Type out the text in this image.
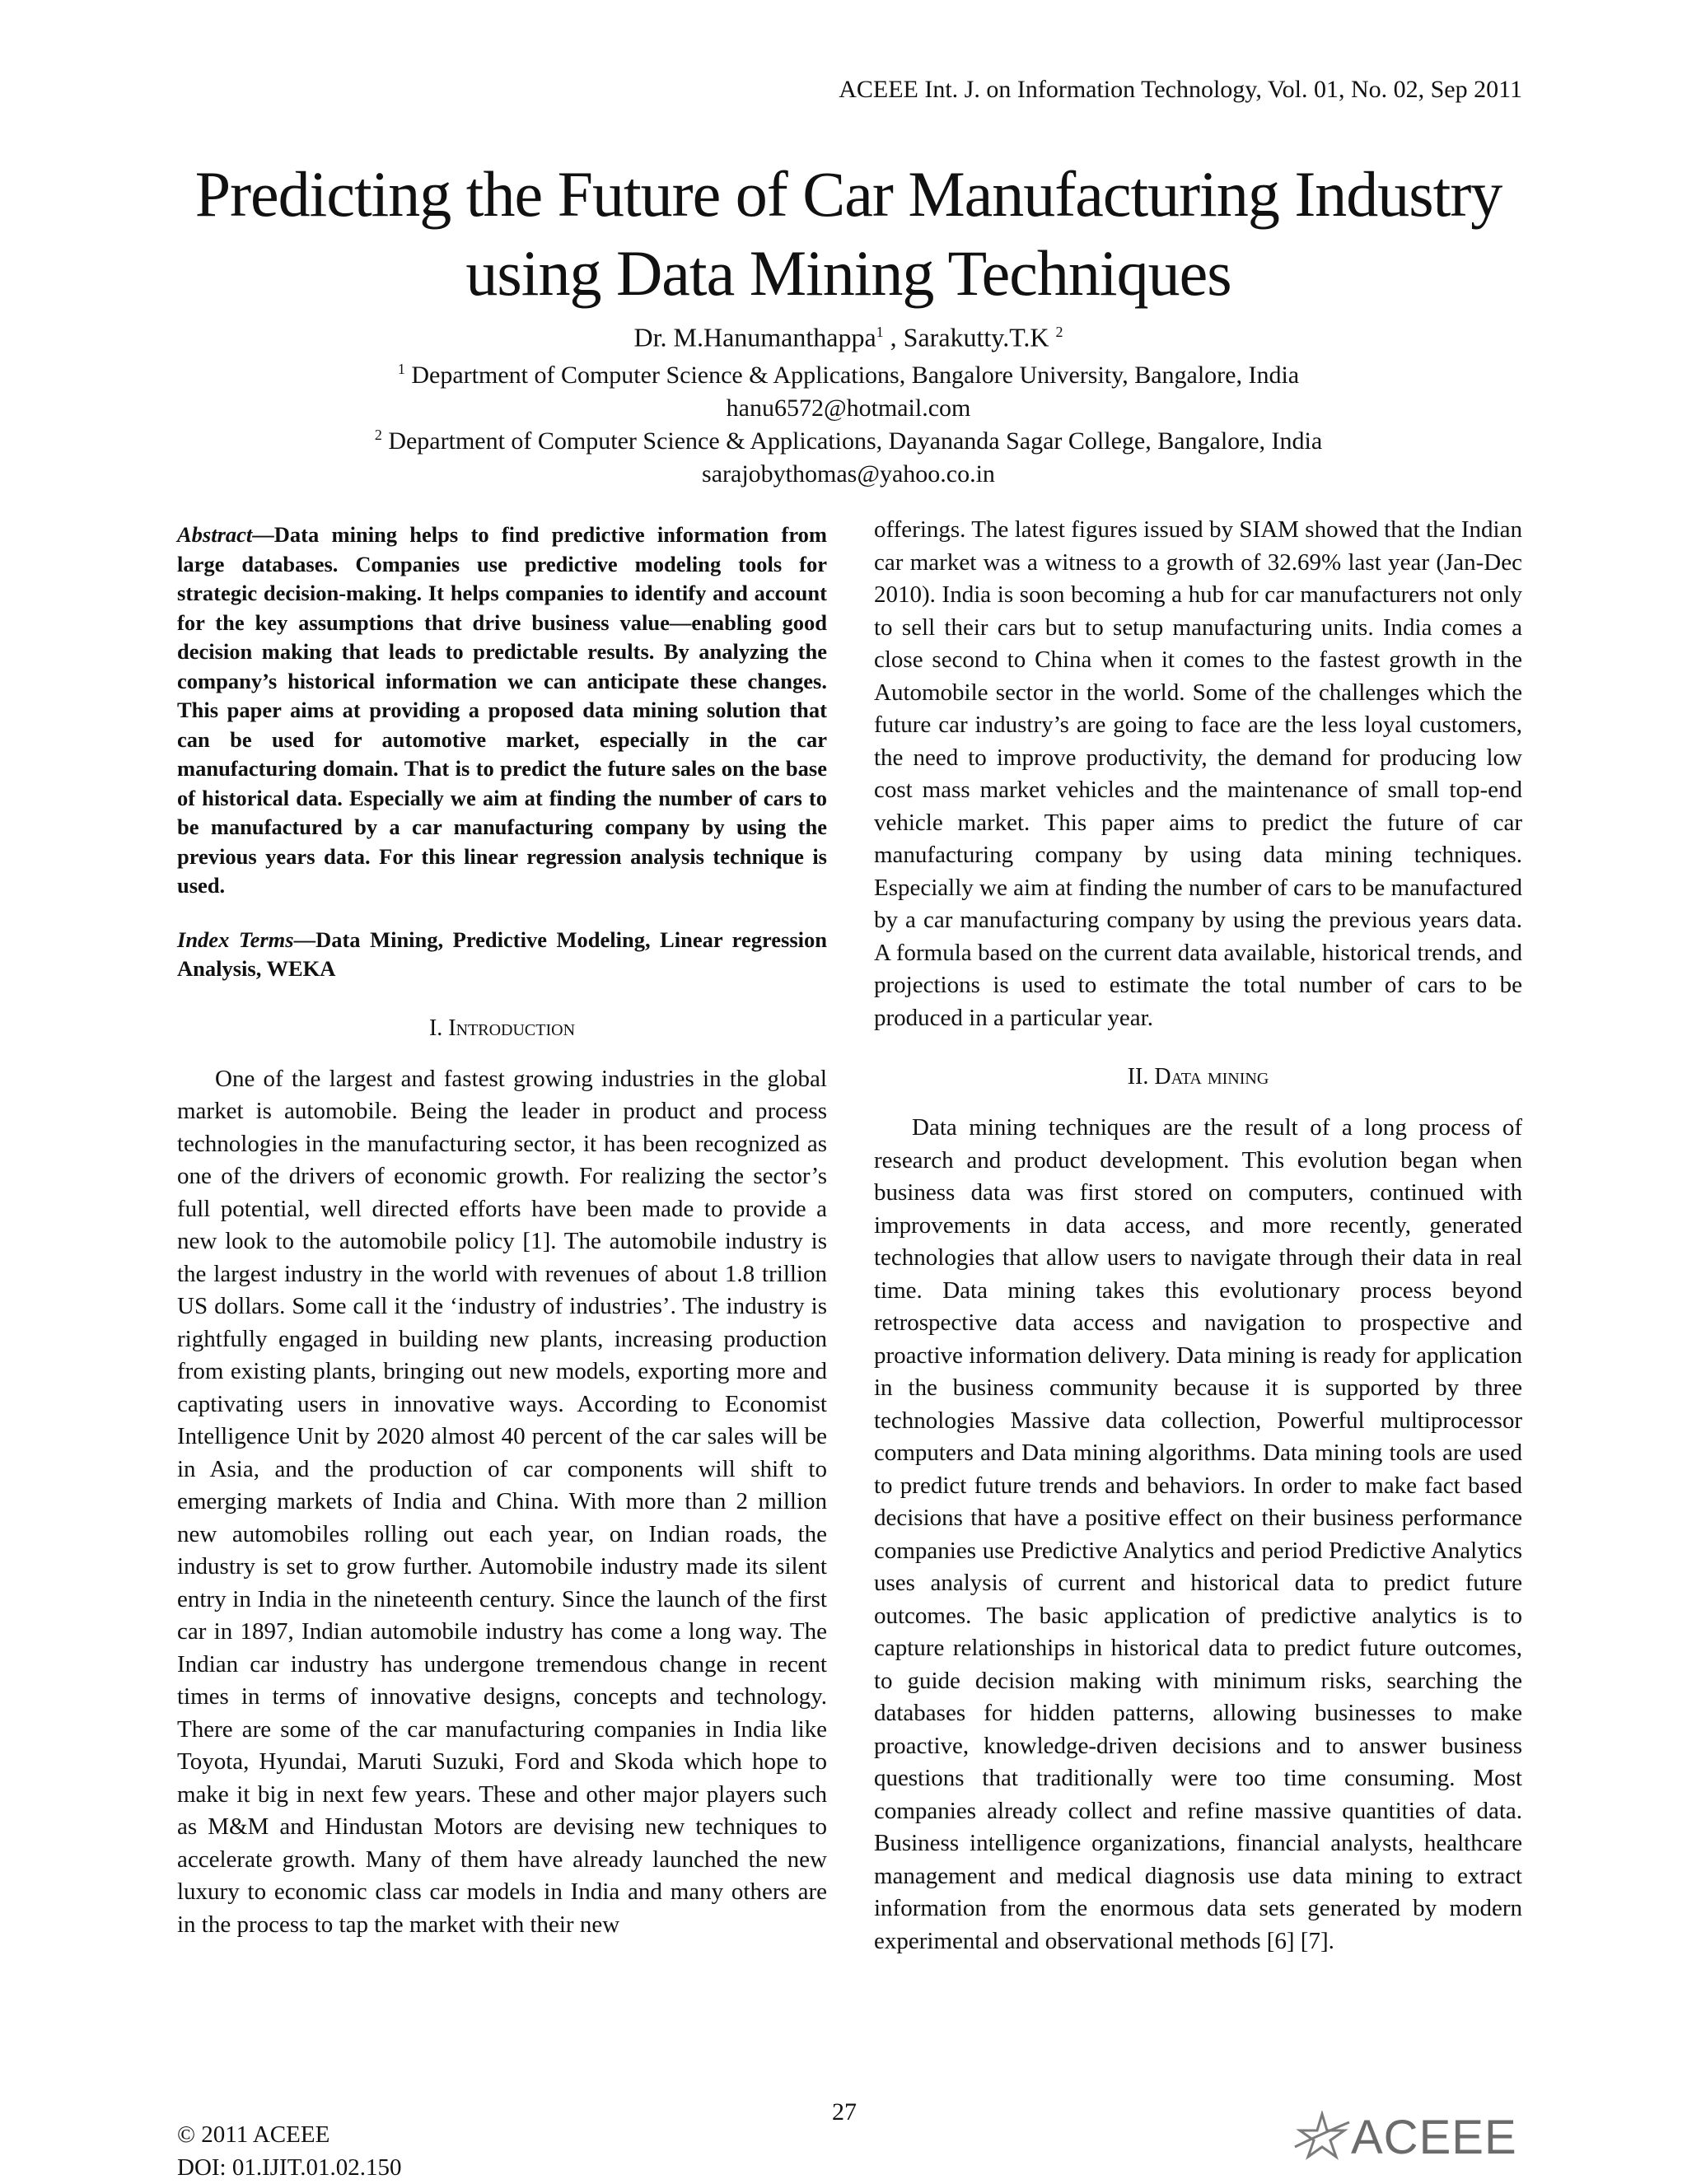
ACEEE Int. J. on Information Technology, Vol. 01, No. 02, Sep 2011
Predicting the Future of Car Manufacturing Industry
using Data Mining Techniques
Dr. M.Hanumanthappa$^1$ , Sarakutty.T.K $^2$
$^1$ Department of Computer Science & Applications, Bangalore University, Bangalore, India
hanu6572@hotmail.com
$^2$ Department of Computer Science & Applications, Dayananda Sagar College, Bangalore, India
sarajobythomas@yahoo.co.in

Abstract—Data mining helps to find predictive information from large databases. Companies use predictive modeling tools for strategic decision-making. It helps companies to identify and account for the key assumptions that drive business value—enabling good decision making that leads to predictable results. By analyzing the company’s historical information we can anticipate these changes. This paper aims at providing a proposed data mining solution that can be used for automotive market, especially in the car manufacturing domain. That is to predict the future sales on the base of historical data. Especially we aim at finding the number of cars to be manufactured by a car manufacturing company by using the previous years data. For this linear regression analysis technique is used.

Index Terms—Data Mining, Predictive Modeling, Linear regression Analysis, WEKA

I. Introduction

One of the largest and fastest growing industries in the global market is automobile. Being the leader in product and process technologies in the manufacturing sector, it has been recognized as one of the drivers of economic growth. For realizing the sector’s full potential, well directed efforts have been made to provide a new look to the automobile policy [1]. The automobile industry is the largest industry in the world with revenues of about 1.8 trillion US dollars. Some call it the ‘industry of industries’. The industry is rightfully engaged in building new plants, increasing production from existing plants, bringing out new models, exporting more and captivating users in innovative ways. According to Economist Intelligence Unit by 2020 almost 40 percent of the car sales will be in Asia, and the production of car components will shift to emerging markets of India and China. With more than 2 million new automobiles rolling out each year, on Indian roads, the industry is set to grow further. Automobile industry made its silent entry in India in the nineteenth century. Since the launch of the first car in 1897, Indian automobile industry has come a long way. The Indian car industry has undergone tremendous change in recent times in terms of innovative designs, concepts and technology. There are some of the car manufacturing companies in India like Toyota, Hyundai, Maruti Suzuki, Ford and Skoda which hope to make it big in next few years. These and other major players such as M&M and Hindustan Motors are devising new techniques to accelerate growth. Many of them have already launched the new luxury to economic class car models in India and many others are in the process to tap the market with their new

offerings. The latest figures issued by SIAM showed that the Indian car market was a witness to a growth of 32.69% last year (Jan-Dec 2010). India is soon becoming a hub for car manufacturers not only to sell their cars but to setup manufacturing units. India comes a close second to China when it comes to the fastest growth in the Automobile sector in the world. Some of the challenges which the future car industry’s are going to face are the less loyal customers, the need to improve productivity, the demand for producing low cost mass market vehicles and the maintenance of small top-end vehicle market. This paper aims to predict the future of car manufacturing company by using data mining techniques. Especially we aim at finding the number of cars to be manufactured by a car manufacturing company by using the previous years data. A formula based on the current data available, historical trends, and projections is used to estimate the total number of cars to be produced in a particular year.

II. Data mining

Data mining techniques are the result of a long process of research and product development. This evolution began when business data was first stored on computers, continued with improvements in data access, and more recently, generated technologies that allow users to navigate through their data in real time. Data mining takes this evolutionary process beyond retrospective data access and navigation to prospective and proactive information delivery. Data mining is ready for application in the business community because it is supported by three technologies Massive data collection, Powerful multiprocessor computers and Data mining algorithms. Data mining tools are used to predict future trends and behaviors. In order to make fact based decisions that have a positive effect on their business performance companies use Predictive Analytics and period Predictive Analytics uses analysis of current and historical data to predict future outcomes. The basic application of predictive analytics is to capture relationships in historical data to predict future outcomes, to guide decision making with minimum risks, searching the databases for hidden patterns, allowing businesses to make proactive, knowledge-driven decisions and to answer business questions that traditionally were too time consuming. Most companies already collect and refine massive quantities of data. Business intelligence organizations, financial analysts, healthcare management and medical diagnosis use data mining to extract information from the enormous data sets generated by modern experimental and observational methods [6] [7].

27
© 2011 ACEEE
DOI: 01.IJIT.01.02.150
ACEEE
